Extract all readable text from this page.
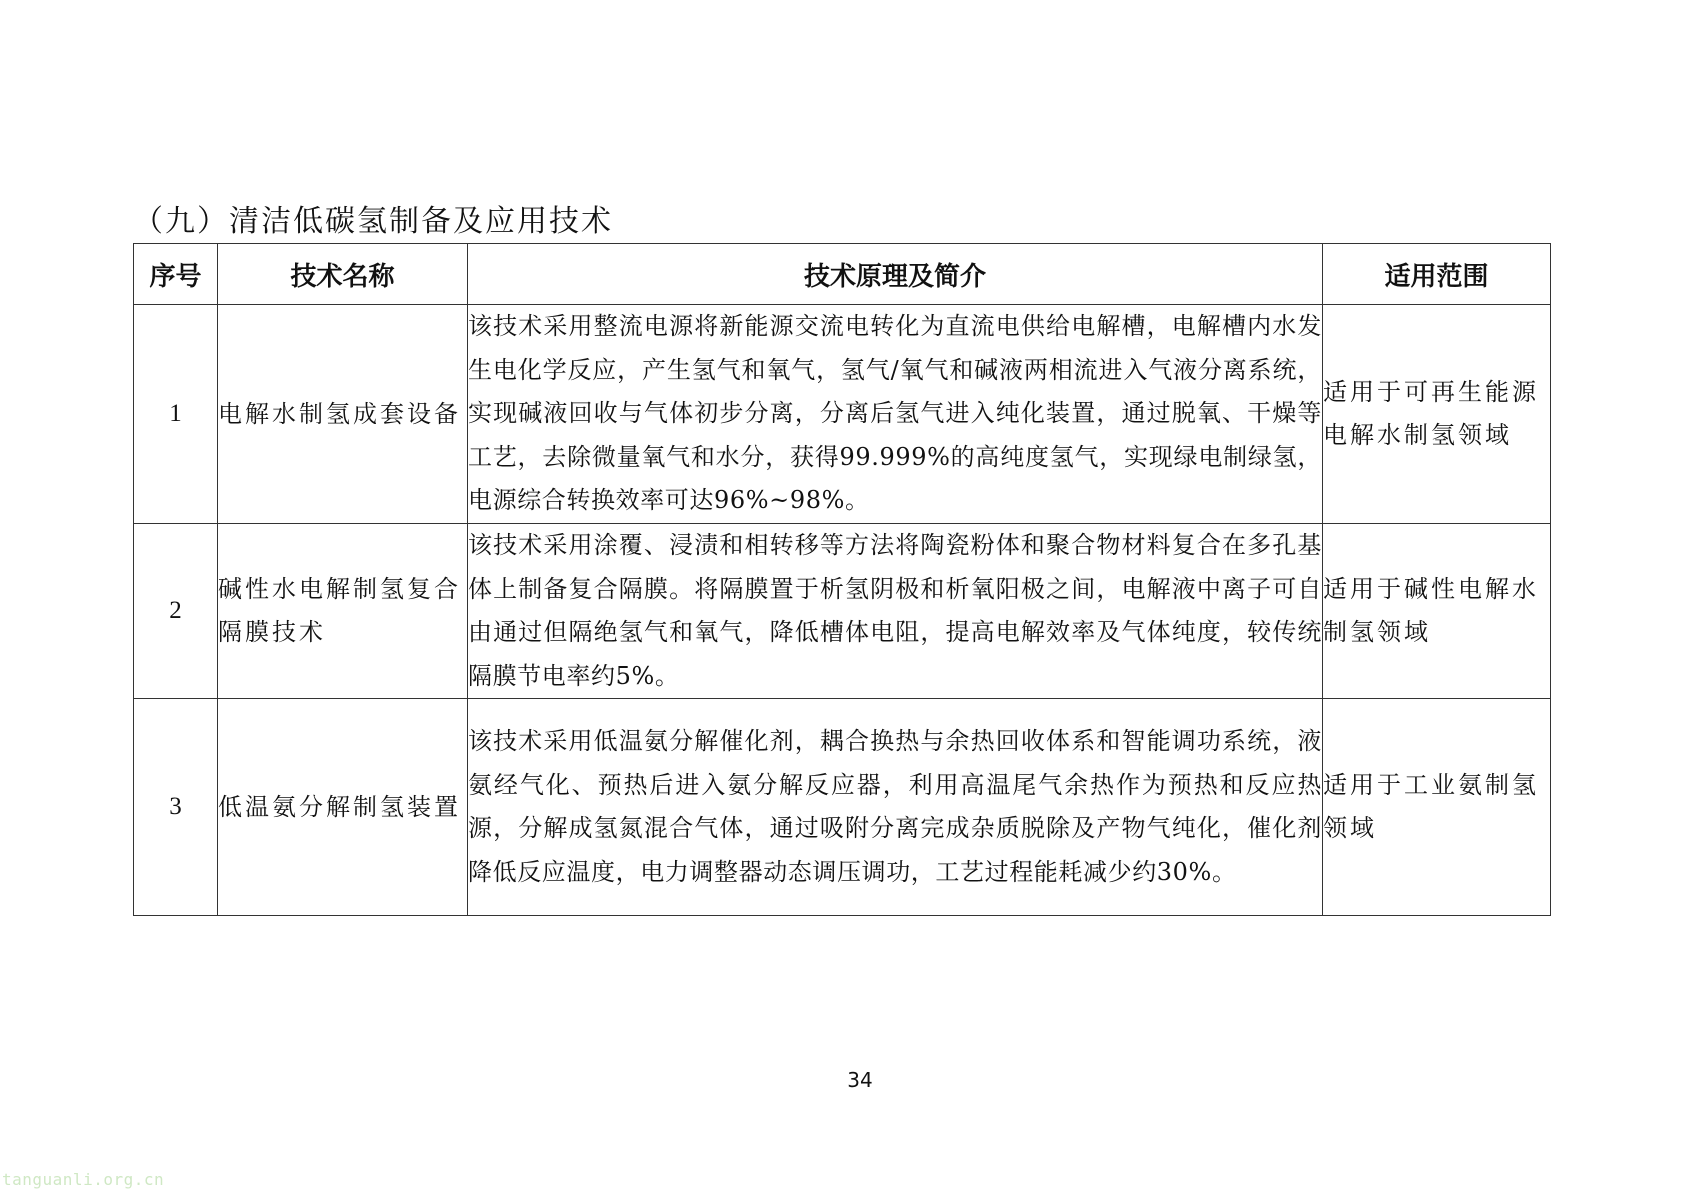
（九）清洁低碳氢制备及应用技术
序号	技术名称	技术原理及简介	适用范围
1	电解水制氢成套设备	该技术采用整流电源将新能源交流电转化为直流电供给电解槽，电解槽内水发生电化学反应，产生氢气和氧气，氢气/氧气和碱液两相流进入气液分离系统，实现碱液回收与气体初步分离，分离后氢气进入纯化装置，通过脱氧、干燥等工艺，去除微量氧气和水分，获得99.999%的高纯度氢气，实现绿电制绿氢，电源综合转换效率可达96%~98%。	适用于可再生能源电解水制氢领域
2	碱性水电解制氢复合隔膜技术	该技术采用涂覆、浸渍和相转移等方法将陶瓷粉体和聚合物材料复合在多孔基体上制备复合隔膜。将隔膜置于析氢阴极和析氧阳极之间，电解液中离子可自由通过但隔绝氢气和氧气，降低槽体电阻，提高电解效率及气体纯度，较传统隔膜节电率约5%。	适用于碱性电解水制氢领域
3	低温氨分解制氢装置	该技术采用低温氨分解催化剂，耦合换热与余热回收体系和智能调功系统，液氨经气化、预热后进入氨分解反应器，利用高温尾气余热作为预热和反应热源，分解成氢氮混合气体，通过吸附分离完成杂质脱除及产物气纯化，催化剂降低反应温度，电力调整器动态调压调功，工艺过程能耗减少约30%。	适用于工业氨制氢领域
34
tanguanli.org.cn
